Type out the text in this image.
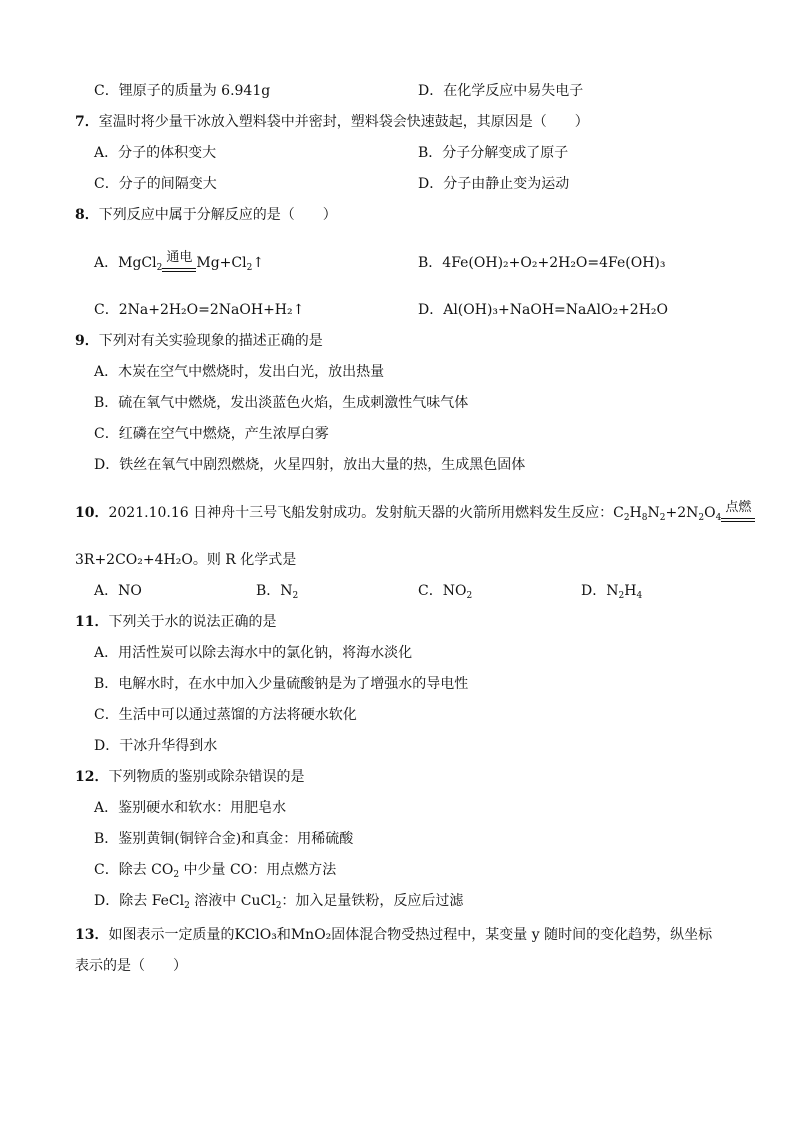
C．锂原子的质量为 6.941g	D．在化学反应中易失电子
7．室温时将少量干冰放入塑料袋中并密封，塑料袋会快速鼓起，其原因是（　　）
A．分子的体积变大	B．分子分解变成了原子
C．分子的间隔变大	D．分子由静止变为运动
8．下列反应中属于分解反应的是（　　）
A．MgCl$_2$
通电 $Mg+Cl_2↑$	B．4Fe(OH)₂+O₂+2H₂O=4Fe(OH)₃
C．2Na+2H₂O=2NaOH+H₂↑	D．Al(OH)₃+NaOH=NaAlO₂+2H₂O
9．下列对有关实验现象的描述正确的是
A．木炭在空气中燃烧时，发出白光，放出热量
B．硫在氧气中燃烧，发出淡蓝色火焰，生成刺激性气味气体
C．红磷在空气中燃烧，产生浓厚白雾
D．铁丝在氧气中剧烈燃烧，火星四射，放出大量的热，生成黑色固体
10．2021.10.16 日神舟十三号飞船发射成功。发射航天器的火箭所用燃料发生反应：$C_2H_8N_2+2N_2O_4$
点燃
3R+2CO₂+4H₂O。则 R 化学式是
A．NO	B．$N_2$	C．$NO_2$	D．$N_2H_4$
11．下列关于水的说法正确的是
A．用活性炭可以除去海水中的氯化钠，将海水淡化
B．电解水时，在水中加入少量硫酸钠是为了增强水的导电性
C．生活中可以通过蒸馏的方法将硬水软化
D．干冰升华得到水
12．下列物质的鉴别或除杂错误的是
A．鉴别硬水和软水：用肥皂水
B．鉴别黄铜(铜锌合金)和真金：用稀硫酸
C．除去 $CO_2$ 中少量 CO：用点燃方法
D．除去 FeCl$_2$ 溶液中 CuCl$_2$：加入足量铁粉，反应后过滤
13．如图表示一定质量的KClO₃和MnO₂固体混合物受热过程中，某变量 y 随时间的变化趋势，纵坐标
表示的是（　　）
